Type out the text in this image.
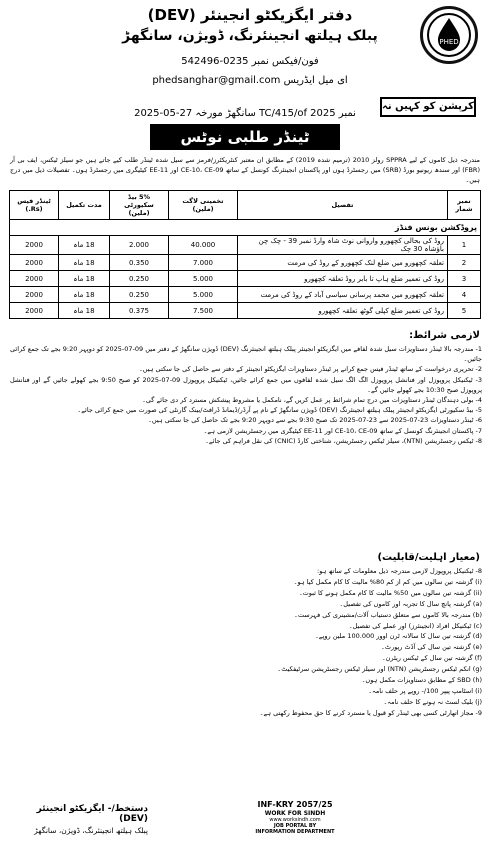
PHED
دفتر ایگزیکٹو انجینئر (DEV)
پبلک ہیلتھ انجینئرنگ، ڈویژن، سانگھڑ
فون/فیکس نمبر 0235-542496
ای میل ایڈریس phedsanghar@gmail.com
کرپشن کو کہیں نہ
نمبر TC/415/of 2025 سانگھڑ مورخہ 27-05-2025
ٹینڈر طلبی نوٹس
مندرجہ ذیل کاموں کے لیے SPPRA رولز 2010 (ترمیم شدہ 2019) کے مطابق ان معتبر کنٹریکٹرز/فرمز سے سیل شدہ ٹینڈر طلب کیے جاتے ہیں جو سیلز ٹیکس، ایف بی آر (FBR) اور سندھ ریونیو بورڈ (SRB) میں رجسٹرڈ ہوں اور پاکستان انجینئرنگ کونسل کے ساتھ CE-10، CE-09 اور EE-11 کیٹیگری میں رجسٹرڈ ہوں۔ تفصیلات ذیل میں درج ہیں۔
نمبر شمار	تفصیل	تخمینی لاگت (ملین)	5% بیڈ سکیورٹی (ملین)	مدت تکمیل	ٹینڈر فیس (Rs.)
پروڈکشن بونس فنڈز					
1	روڈ کی بحالی کچھورو واروانی نوٹ شاہ وارڈ نمبر 39 - چک چن باؤشاہ 30 چک	40.000	2.000	18 ماہ	2000
2	تعلقہ کچھورو میں ضلع لنک کچھورو کے روڈ کی مرمت	7.000	0.350	18 ماہ	2000
3	روڈ کی تعمیر ضلع ہاپ تا بابر روڈ تعلقہ کچھورو	5.000	0.250	18 ماہ	2000
4	تعلقہ کچھورو میں محمد پرسانی سیاسی آباد کے روڈ کی مرمت	5.000	0.250	18 ماہ	2000
5	روڈ کی تعمیر ضلع کپلی گوٹھ تعلقہ کچھورو	7.500	0.375	18 ماہ	2000
لازمی شرائط:

1- مندرجہ بالا ٹینڈر دستاویزات سیل شدہ لفافے میں ایگزیکٹو انجینئر پبلک ہیلتھ انجینئرنگ (DEV) ڈویژن سانگھڑ کے دفتر میں 09-07-2025 کو دوپہر 9:20 بجے تک جمع کرائی جائیں۔

2- تحریری درخواست کے ساتھ ٹینڈر فیس جمع کرانے پر ٹینڈر دستاویزات ایگزیکٹو انجینئر کے دفتر سے حاصل کی جا سکتی ہیں۔

3- ٹیکنیکل پروپوزل اور فنانشل پروپوزل الگ الگ سیل شدہ لفافوں میں جمع کرائے جائیں، ٹیکنیکل پروپوزل 09-07-2025 کو صبح 9:50 بجے کھولے جائیں گے اور فنانشل پروپوزل صبح 10:30 بجے کھولے جائیں گے۔

4- بولی دہندگان ٹینڈر دستاویزات میں درج تمام شرائط پر عمل کریں گے، نامکمل یا مشروط پیشکش مسترد کر دی جائے گی۔

5- بیڈ سکیورٹی ایگزیکٹو انجینئر پبلک ہیلتھ انجینئرنگ (DEV) ڈویژن سانگھڑ کے نام پے آرڈر/ڈیمانڈ ڈرافٹ/بینک گارنٹی کی صورت میں جمع کرائی جائے۔

6- ٹینڈر دستاویزات 23-07-2025 سے 23-07-2025 تک صبح 9:30 بجے سے دوپہر 9:20 بجے تک حاصل کی جا سکتی ہیں۔

7- پاکستان انجینئرنگ کونسل کے ساتھ CE-10، CE-09 اور EE-11 کیٹیگری میں رجسٹریشن لازمی ہے۔

8- ٹیکس رجسٹریشن (NTN)، سیلز ٹیکس رجسٹریشن، شناختی کارڈ (CNIC) کی نقل فراہم کی جائے۔

(معیار اہلیت/قابلیت)

8- ٹیکنیکل پروپوزل لازمی مندرجہ ذیل معلومات کے ساتھ ہو:

(i) گزشتہ تین سالوں میں کم از کم 80% مالیت کا کام مکمل کیا ہو۔

(ii) گزشتہ تین سالوں میں 50% مالیت کا کام مکمل ہونے کا ثبوت۔

(a) گزشتہ پانچ سال کا تجربہ اور کاموں کی تفصیل۔

(b) مندرجہ بالا کاموں سے متعلق دستیاب آلات/مشینری کی فہرست۔

(c) ٹیکنیکل افراد (انجینئرز) اور عملے کی تفصیل۔

(d) گزشتہ تین سال کا سالانہ ٹرن اوور 100.000 ملین روپے۔

(e) گزشتہ تین سال کی آڈٹ رپورٹ۔

(f) گزشتہ تین سال کے ٹیکس ریٹرن۔

(g) انکم ٹیکس رجسٹریشن (NTN) اور سیلز ٹیکس رجسٹریشن سرٹیفکیٹ۔

(h) SBD کے مطابق دستاویزات مکمل ہوں۔

(i) اسٹامپ پیپر 100/- روپے پر حلف نامہ۔

(j) بلیک لسٹ نہ ہونے کا حلف نامہ۔

9- مجاز اتھارٹی کسی بھی ٹینڈر کو قبول یا مسترد کرنے کا حق محفوظ رکھتی ہے۔

دستخط/- ایگزیکٹو انجینئر (DEV)
پبلک ہیلتھ انجینئرنگ، ڈویژن، سانگھڑ
INF-KRY 2057/25
WORK FOR SINDH
www.worksindh.com
JOB PORTAL BY
INFORMATION DEPARTMENT
